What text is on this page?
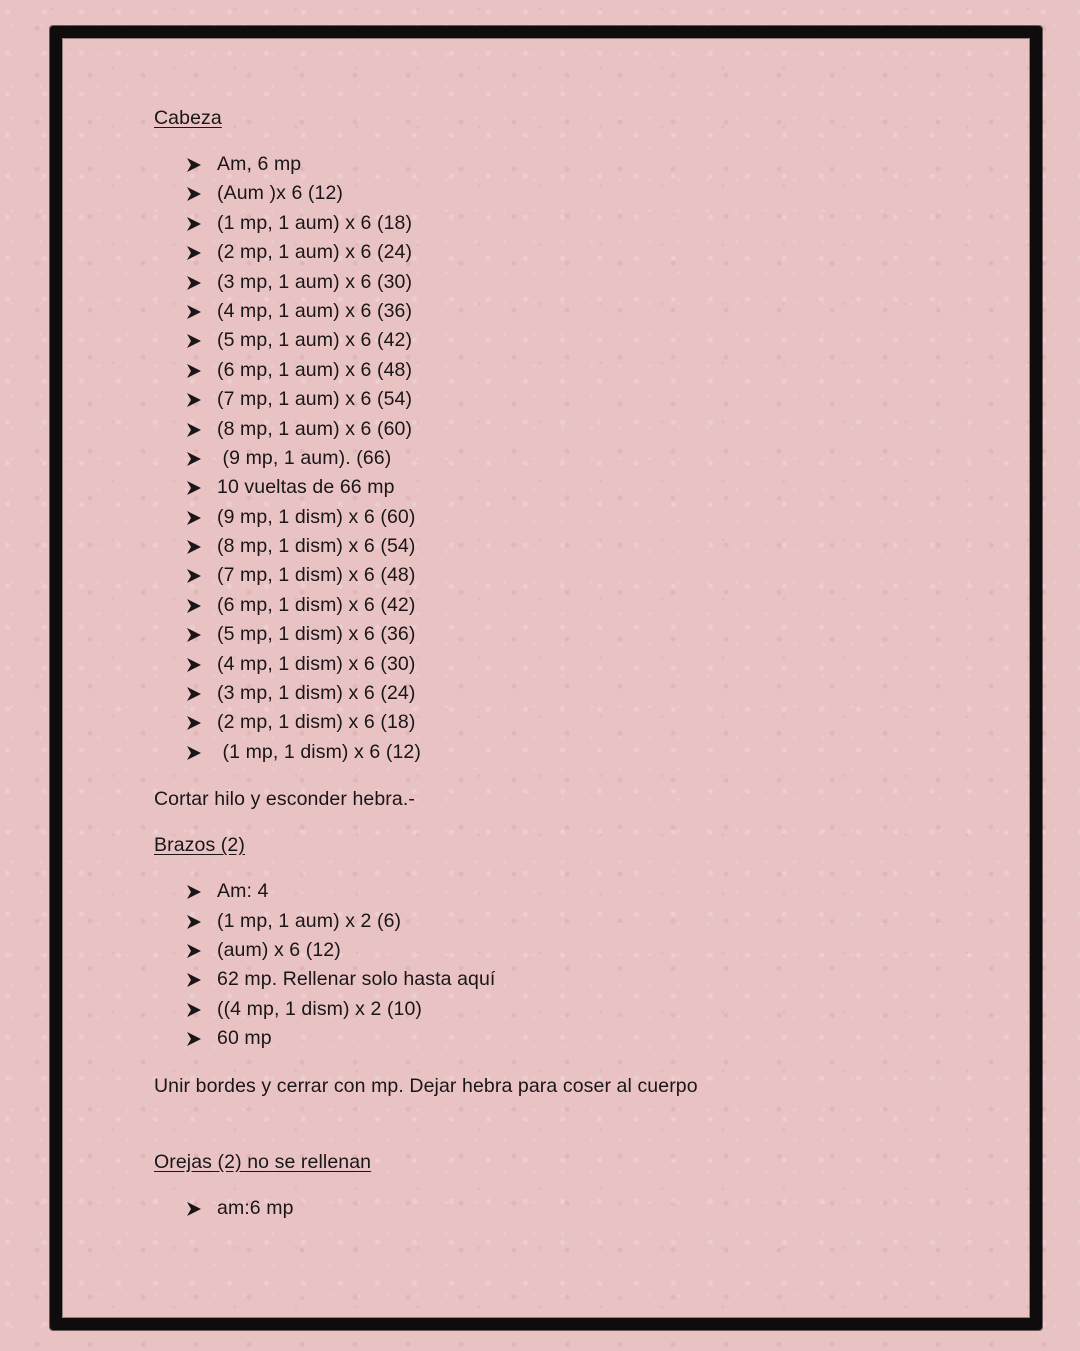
Cabeza

Am, 6 mp
(Aum )x 6 (12)
(1 mp, 1 aum) x 6 (18)
(2 mp, 1 aum) x 6 (24)
(3 mp, 1 aum) x 6 (30)
(4 mp, 1 aum) x 6 (36)
(5 mp, 1 aum) x 6 (42)
(6 mp, 1 aum) x 6 (48)
(7 mp, 1 aum) x 6 (54)
(8 mp, 1 aum) x 6 (60)
(9 mp, 1 aum). (66)
10 vueltas de 66 mp
(9 mp, 1 dism) x 6 (60)
(8 mp, 1 dism) x 6 (54)
(7 mp, 1 dism) x 6 (48)
(6 mp, 1 dism) x 6 (42)
(5 mp, 1 dism) x 6 (36)
(4 mp, 1 dism) x 6 (30)
(3 mp, 1 dism) x 6 (24)
(2 mp, 1 dism) x 6 (18)
(1 mp, 1 dism) x 6 (12)

Cortar hilo y esconder hebra.-

Brazos (2)

Am: 4
(1 mp, 1 aum) x 2 (6)
(aum) x 6 (12)
62 mp. Rellenar solo hasta aquí
((4 mp, 1 dism) x 2 (10)
60 mp

Unir bordes y cerrar con mp. Dejar hebra para coser al cuerpo

Orejas (2) no se rellenan

am:6 mp
